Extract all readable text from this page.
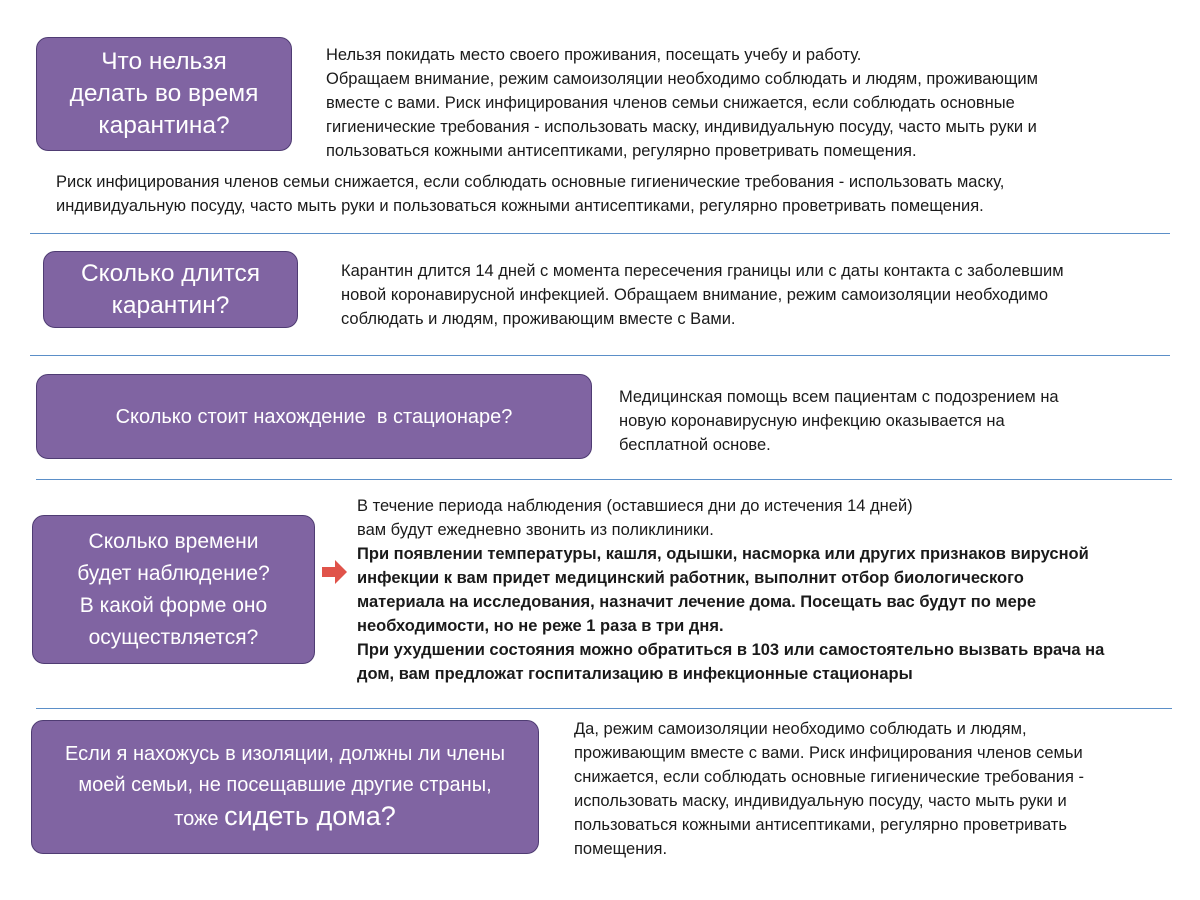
Что нельзя
делать во время
карантина?
Нельзя покидать место своего проживания, посещать учебу и работу.
Обращаем внимание, режим самоизоляции необходимо соблюдать и людям, проживающим
вместе с вами. Риск инфицирования членов семьи снижается, если соблюдать основные
гигиенические требования - использовать маску, индивидуальную посуду, часто мыть руки и
пользоваться кожными антисептиками, регулярно проветривать помещения.
Риск инфицирования членов семьи снижается, если соблюдать основные гигиенические требования - использовать маску,
индивидуальную посуду, часто мыть руки и пользоваться кожными антисептиками, регулярно проветривать помещения.
Сколько длится
карантин?
Карантин длится 14 дней с момента пересечения границы или с даты контакта с заболевшим
новой коронавирусной инфекцией. Обращаем внимание, режим самоизоляции необходимо
соблюдать и людям, проживающим вместе с Вами.
Сколько стоит нахождение  в стационаре?
Медицинская помощь всем пациентам с подозрением на
новую коронавирусную инфекцию оказывается на
бесплатной основе.
Сколько времени
будет наблюдение?
В какой форме оно
осуществляется?
В течение периода наблюдения (оставшиеся дни до истечения 14 дней)
вам будут ежедневно звонить из поликлиники.
При появлении температуры, кашля, одышки, насморка или других признаков вирусной
инфекции к вам придет медицинский работник, выполнит отбор биологического
материала на исследования, назначит лечение дома. Посещать вас будут по мере
необходимости, но не реже 1 раза в три дня.
При ухудшении состояния можно обратиться в 103 или самостоятельно вызвать врача на
дом, вам предложат госпитализацию в инфекционные стационары
Если я нахожусь в изоляции, должны ли члены
моей семьи, не посещавшие другие страны,
тоже сидеть дома?
Да, режим самоизоляции необходимо соблюдать и людям,
проживающим вместе с вами. Риск инфицирования членов семьи
снижается, если соблюдать основные гигиенические требования -
использовать маску, индивидуальную посуду, часто мыть руки и
пользоваться кожными антисептиками, регулярно проветривать
помещения.
